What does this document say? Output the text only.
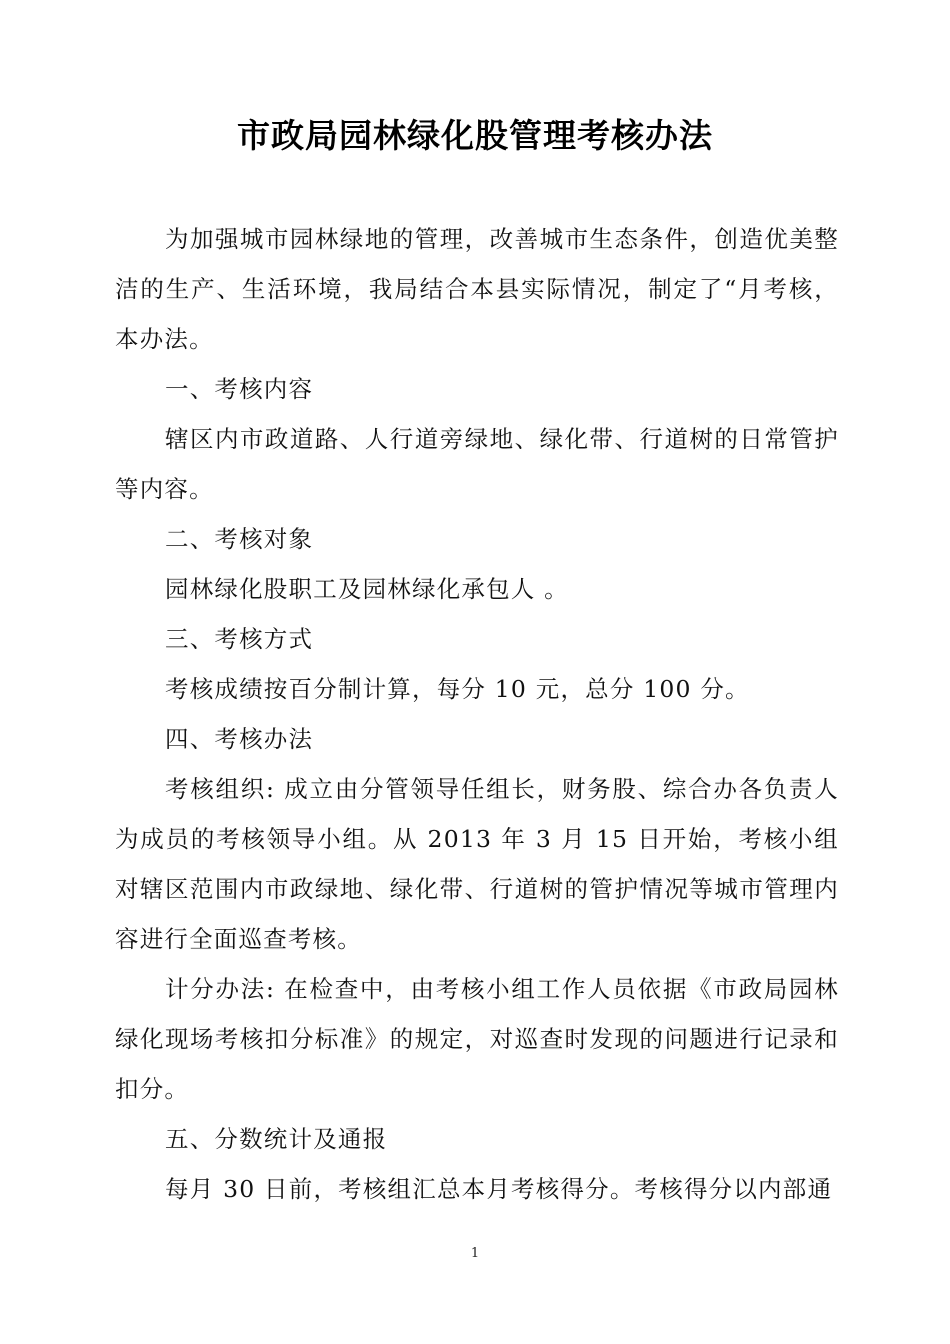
市政局园林绿化股管理考核办法

为加强城市园林绿地的管理，改善城市生态条件，创造优美整洁的生产、生活环境，我局结合本县实际情况，制定了“月考核，本办法。

一、考核内容

辖区内市政道路、人行道旁绿地、绿化带、行道树的日常管护等内容。

二、考核对象

园林绿化股职工及园林绿化承包人 。

三、考核方式

考核成绩按百分制计算，每分 10 元，总分 100 分。

四、考核办法

考核组织: 成立由分管领导任组长，财务股、综合办各负责人为成员的考核领导小组。从 2013 年 3 月 15 日开始，考核小组对辖区范围内市政绿地、绿化带、行道树的管护情况等城市管理内容进行全面巡查考核。

计分办法: 在检查中，由考核小组工作人员依据《市政局园林绿化现场考核扣分标准》的规定，对巡查时发现的问题进行记录和扣分。

五、分数统计及通报

每月 30 日前，考核组汇总本月考核得分。考核得分以内部通

1
